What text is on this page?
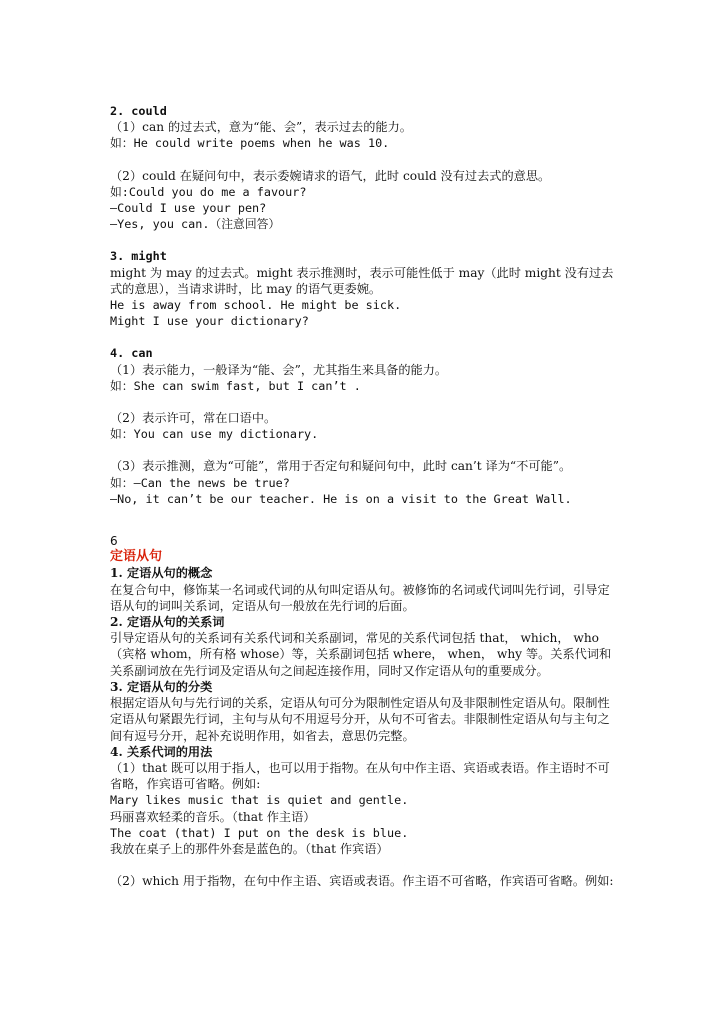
2. could
（1）can 的过去式，意为“能、会”，表示过去的能力。
如：He could write poems when he was 10.
（2）could 在疑问句中，表示委婉请求的语气，此时 could 没有过去式的意思。
如:Could you do me a favour?
—Could I use your pen?
—Yes, you can.（注意回答）
3. might
might 为 may 的过去式。might 表示推测时，表示可能性低于 may（此时 might 没有过去式的意思），当请求讲时，比 may 的语气更委婉。
He is away from school. He might be sick.
Might I use your dictionary?
4. can
（1）表示能力，一般译为“能、会”，尤其指生来具备的能力。
如：She can swim fast, but I can’t .
（2）表示许可，常在口语中。
如：You can use my dictionary.
（3）表示推测，意为“可能”，常用于否定句和疑问句中，此时 can’t 译为“不可能”。
如：—Can the news be true?
—No, it can’t be our teacher. He is on a visit to the Great Wall.
6
定语从句
1. 定语从句的概念
在复合句中，修饰某一名词或代词的从句叫定语从句。被修饰的名词或代词叫先行词，引导定语从句的词叫关系词，定语从句一般放在先行词的后面。
2. 定语从句的关系词
引导定语从句的关系词有关系代词和关系副词，常见的关系代词包括 that， which， who（宾格 whom，所有格 whose）等，关系副词包括 where， when， why 等。关系代词和关系副词放在先行词及定语从句之间起连接作用，同时又作定语从句的重要成分。
3. 定语从句的分类
根据定语从句与先行词的关系，定语从句可分为限制性定语从句及非限制性定语从句。限制性定语从句紧跟先行词，主句与从句不用逗号分开，从句不可省去。非限制性定语从句与主句之间有逗号分开，起补充说明作用，如省去，意思仍完整。
4. 关系代词的用法
（1）that 既可以用于指人，也可以用于指物。在从句中作主语、宾语或表语。作主语时不可省略，作宾语可省略。例如:
Mary likes music that is quiet and gentle.
玛丽喜欢轻柔的音乐。（that 作主语）
The coat (that) I put on the desk is blue.
我放在桌子上的那件外套是蓝色的。（that 作宾语）
（2）which 用于指物，在句中作主语、宾语或表语。作主语不可省略，作宾语可省略。例如:
